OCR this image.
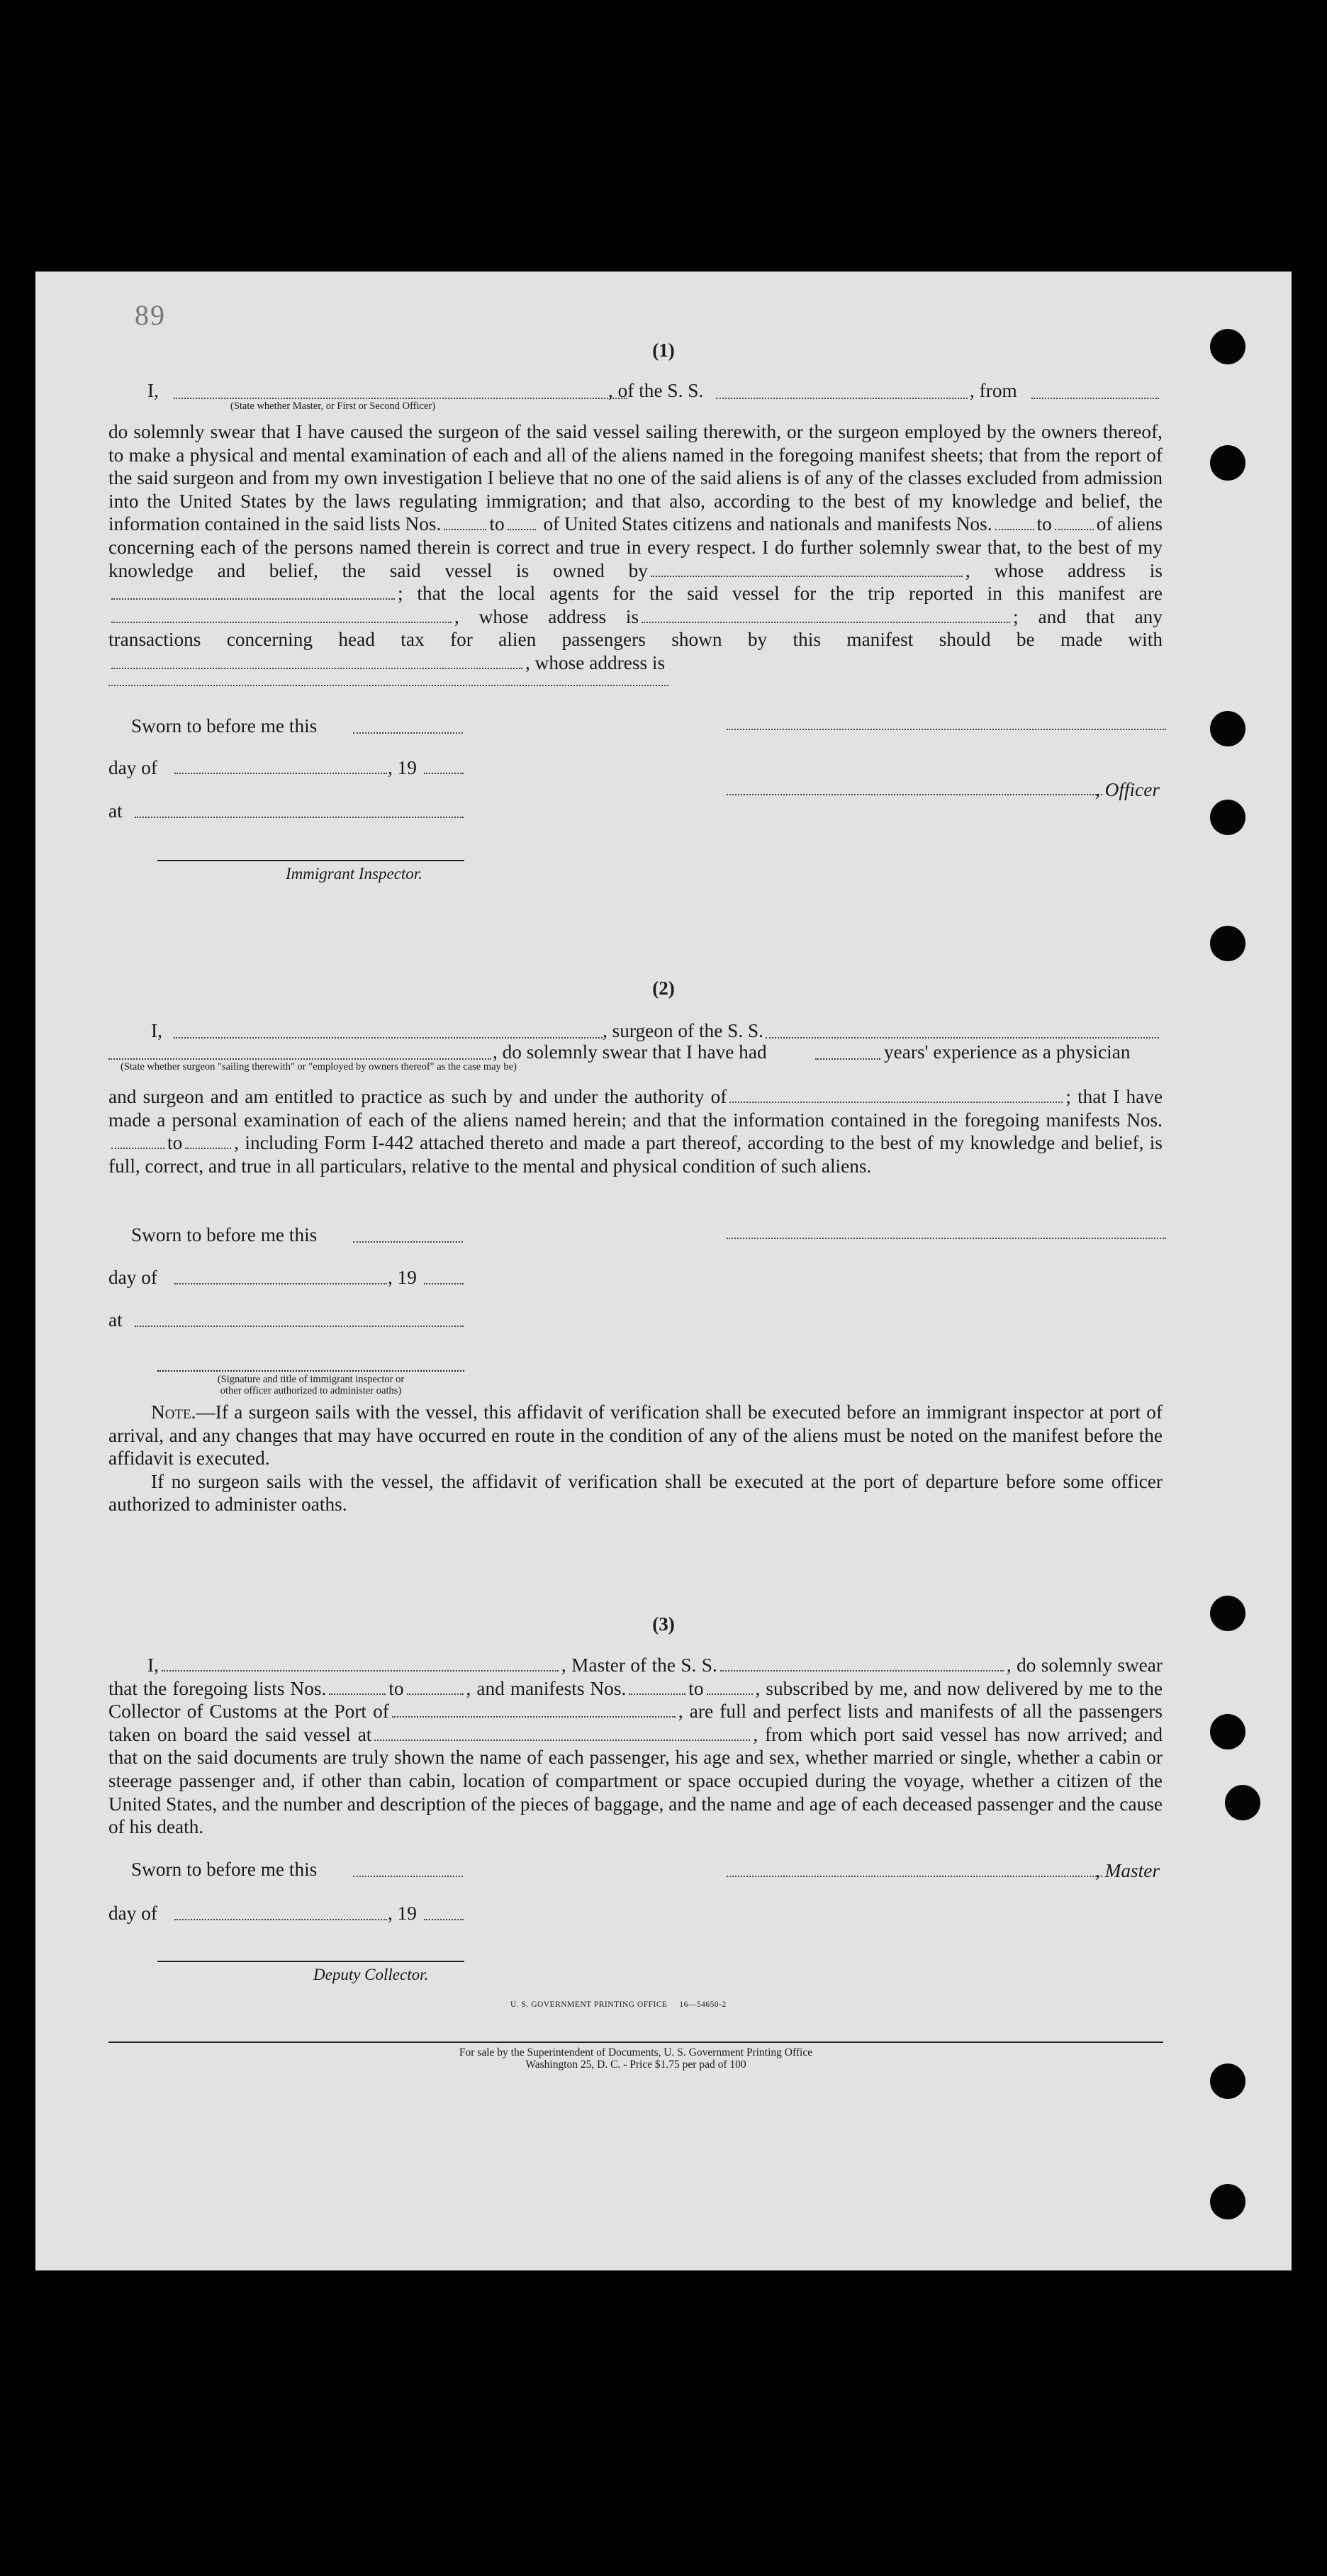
89
(1)
I,	, of the S. S.	, from
(State whether Master, or First or Second Officer)

do solemnly swear that I have caused the surgeon of the said vessel sailing therewith, or the surgeon employed by the owners thereof, to make a physical and mental examination of each and all of the aliens named in the foregoing manifest sheets; that from the report of the said surgeon and from my own investigation I believe that no one of the said aliens is of any of the classes excluded from admission into the United States by the laws regulating immigration; and that also, according to the best of my knowledge and belief, the information contained in the said lists Nos. to of United States citizens and nationals and manifests Nos. to of aliens concerning each of the persons named therein is correct and true in every respect. I do further solemnly swear that, to the best of my knowledge and belief, the said vessel is owned by	, whose address is; that the local agents for the said vessel for the trip reported in this manifest are, whose address is	; and that any transactions concerning head tax for alien passengers shown by this manifest should be made with, whose address is

Sworn to before me this
day of	, 19
, Officer
at
Immigrant Inspector.
(2)
I,	, surgeon of the S. S.
, do solemnly swear that I have had	years' experience as a physician
(State whether surgeon "sailing therewith" or "employed by owners thereof" as the case may be)

and surgeon and am entitled to practice as such by and under the authority of	; that I have made a personal examination of each of the aliens named herein; and that the information contained in the foregoing manifests Nos.to	, including Form I-442 attached thereto and made a part thereof, according to the best of my knowledge and belief, is full, correct, and true in all particulars, relative to the mental and physical condition of such aliens.

Sworn to before me this
day of	, 19
at
(Signature and title of immigrant inspector or
other officer authorized to administer oaths)

Note.—If a surgeon sails with the vessel, this affidavit of verification shall be executed before an immigrant inspector at port of arrival, and any changes that may have occurred en route in the condition of any of the aliens must be noted on the manifest before the affidavit is executed.

If no surgeon sails with the vessel, the affidavit of verification shall be executed at the port of departure before some officer authorized to administer oaths.

(3)

I,	, Master of the S. S.	, do solemnly swear that the foregoing lists Nos.	to	, and manifests Nos.	to	, subscribed by me, and now delivered by me to the Collector of Customs at the Port of	, are full and perfect lists and manifests of all the passengers taken on board the said vessel at	, from which port said vessel has now arrived; and that on the said documents are truly shown the name of each passenger, his age and sex, whether married or single, whether a cabin or steerage passenger and, if other than cabin, location of compartment or space occupied during the voyage, whether a citizen of the United States, and the number and description of the pieces of baggage, and the name and age of each deceased passenger and the cause of his death.

Sworn to before me this	, Master
day of	, 19
Deputy Collector.
U. S. GOVERNMENT PRINTING OFFICE     16—54650-2
For sale by the Superintendent of Documents, U. S. Government Printing Office
Washington 25, D. C. - Price $1.75 per pad of 100
